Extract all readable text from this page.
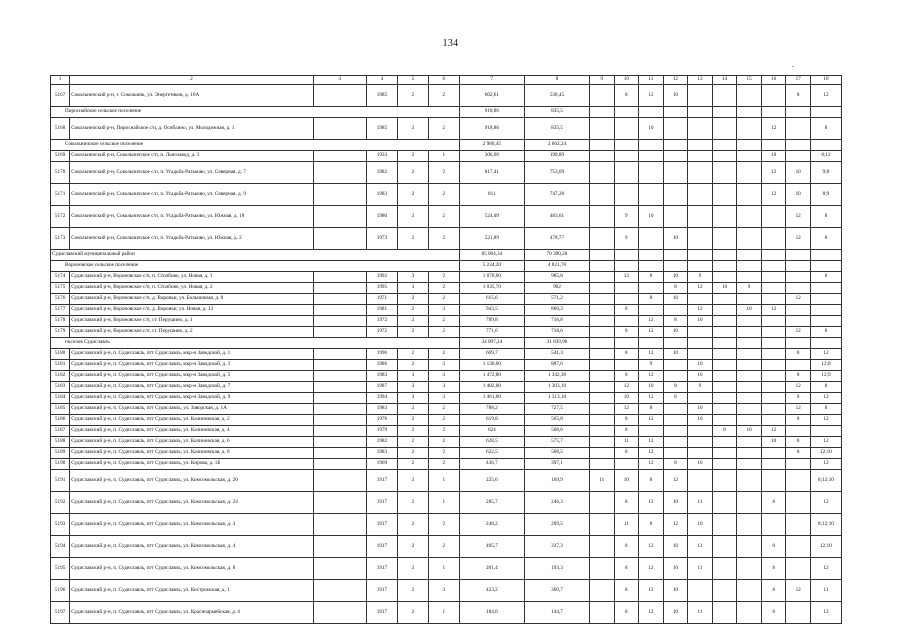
134
.
1	2	3	4	5	6	7	8	9	10	11	12	13	14	15	16	17	18
5167	Сокольничский р-н, г. Сокольник, ул. Энергетиков, д. 10А		1985	2	2	602,61	538,45		8	12	10					8	12
Пироснайское сельское поселение						918,86	835,5										
5168	Сокольничский р-н, Пироснайское с/п, д. Осиблино, ул. Молодежная, д. 1		1985	2	2	918,86	835,5			10					12		8
Сокольничское сельское поселение						2 980,45	2 662,24										
5169	Сокольничский р-н, Сокольничское с/п, п. Льнозавод, д. 3		1933	2	1	306,06	198,89								10		8;12
5170	Сокольничский р-н, Сокольничское с/п, п. Усадьба-Ратьково, ул. Северная, д. 7		1982	2	2	817,41	753,69								12	10	9;8
5171	Сокольничский р-н, Сокольничское с/п, п. Усадьба-Ратьково, ул. Северная, д. 9		1983	2	2	811	747,28								12	10	8;9
5172	Сокольничский р-н, Сокольничское с/п, п. Усадьба-Ратьково, ул. Южная, д. 18		1980	2	2	524,09	483,61		9	10						12	8
5173	Сокольничский р-н, Сокольничское с/п, п. Усадьба-Ратьково, ул. Южная, д. 2		1973	2	2	521,89	478,77		9		10					12	8
Судиславский муниципальный район						85 064,34	70 390,20										
Вороновское сельское поселение						5 234,20	4 821,70										
5174	Судиславский р-н, Вороновское с/п, п. Столбово, ул. Новая, д. 1		1992	3	2	1 078,00	985,8		12	8	10	9					8
5175	Судиславский р-н, Вороновское с/п, п. Столбово, ул. Новая, д. 2		1995	3	2	1 035,70	962				8	12	10	9			
5176	Судиславский р-н, Вороновское с/п, д. Вороньи, ул. Больничная, д. 8		1971	2	2	615,6	571,2			8	10					12	
5177	Судиславский р-н, Вороновское с/п, д. Вороньи, ул. Новая, д. 13		1981	2	3	943,5	866,3		8			12		10	12		
5178	Судиславский р-н, Вороновское с/п, ст. Перушино, д. 1		1972	2	2	789,8	716,8			12	8	10					
5179	Судиславский р-н, Вороновское с/п, ст. Перушино, д. 2		1972	2	2	771,6	718,6		8	12	10					12	8
поселок Судиславль						34 097,24	31 039,90										
5180	Судиславский р-н, п. Судиславль, пгт Судиславль, мкр-н Заводской, д. 1		1996	2	2	609,7	541,3		8	12	10					8	12
5181	Судиславский р-н, п. Судиславль, пгт Судиславль, мкр-н Заводской, д. 3		1986	2	3	1 130,00	887,6			9		10					12;8
5182	Судиславский р-н, п. Судиславль, пгт Судиславль, мкр-н Заводской, д. 5		1983	3	3	1 472,80	1 342,30		8	12		10				8	12;9
5183	Судиславский р-н, п. Судиславль, пгт Судиславль, мкр-н Заводской, д. 7		1987	3	3	1 482,00	1 303,10		12	10	8	9				12	8
5184	Судиславский р-н, п. Судиславль, пгт Судиславль, мкр-н Заводской, д. 9		1994	3	3	1 461,00	1 313,10		10	12	8					8	12
5185	Судиславский р-н, п. Судиславль, пгт Судиславль, ул. Заводская, д. 1А		1983	2	2	788,2	727,5		12	8		10				12	8
5186	Судиславский р-н, п. Судиславль, пгт Судиславль, ул. Калиновская, д. 2		1976	2	2	619,8	565,8		8	12		10				8	12
5187	Судиславский р-н, п. Судиславль, пгт Судиславль, ул. Калиновская, д. 4		1979	2	2	624	568,6		8				8	10	12		
5188	Судиславский р-н, п. Судиславль, пгт Судиславль, ул. Калиновская, д. 6		1982	2	2	628,5	575,7		11	12					10	8	12
5189	Судиславский р-н, п. Судиславль, пгт Судиславль, ул. Калиновская, д. 8		1983	2	2	622,5	568,5		8	12						8	12;10
5190	Судиславский р-н, п. Судиславль, пгт Судиславль, ул. Кирова, д. 1Б		1969	2	2	436,7	397,1			12	8	10					12
5191	Судиславский р-н, п. Судиславль, пгт Судиславль, ул. Комсомольская, д. 20		1917	2	1	225,6	169,9	11	10	8	12						8;12;10
5192	Судиславский р-н, п. Судиславль, пгт Судиславль, ул. Комсомольская, д. 24		1917	2	1	285,7	246,3		8	12	10	11			8		12
5193	Судиславский р-н, п. Судиславль, пгт Судиславль, ул. Комсомольская, д. 3		1917	2	2	248,2	209,5		11	8	12	10					8;12;10
5194	Судиславский р-н, п. Судиславль, пгт Судиславль, ул. Комсомольская, д. 4		1917	2	2	405,7	337,3		8	12	10	11			8		12;10
5195	Судиславский р-н, п. Судиславль, пгт Судиславль, ул. Комсомольская, д. 8		1917	2	1	201,4	193,3		8	12	10	11			8		12
5196	Судиславский р-н, п. Судиславль, пгт Судиславль, ул. Костромская, д. 1		1917	2	3	423,2	360,7		8	12	10				8	12	11
5197	Судиславский р-н, п. Судиславль, пгт Судиславль, ул. Красноармейская, д. 4		1917	2	1	184,6	144,7		8	12	10	11			8		12
